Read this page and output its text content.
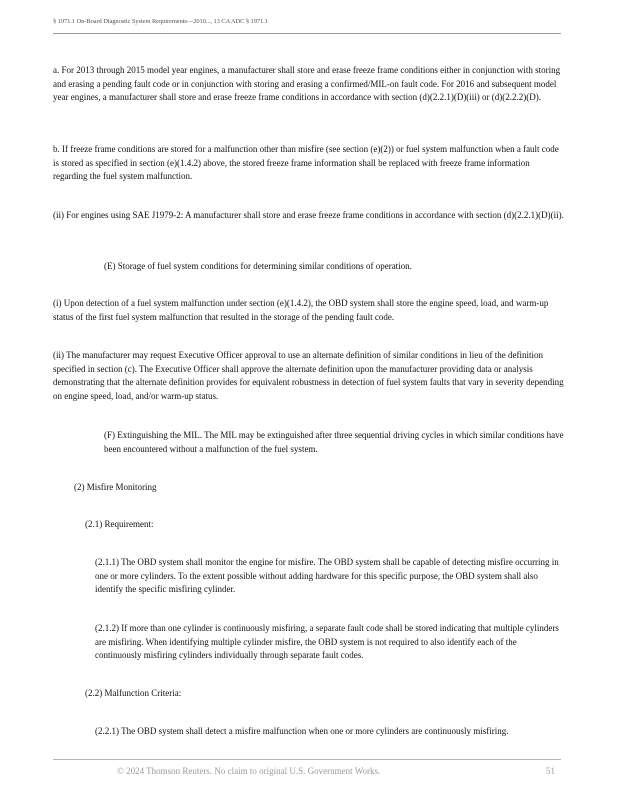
§ 1971.1 On-Board Diagnostic System Requirements—2010..., 13 CA ADC § 1971.1

a. For 2013 through 2015 model year engines, a manufacturer shall store and erase freeze frame conditions either in conjunction with storing and erasing a pending fault code or in conjunction with storing and erasing a confirmed/MIL-on fault code. For 2016 and subsequent model year engines, a manufacturer shall store and erase freeze frame conditions in accordance with section (d)(2.2.1)(D)(iii) or (d)(2.2.2)(D).

b. If freeze frame conditions are stored for a malfunction other than misfire (see section (e)(2)) or fuel system malfunction when a fault code is stored as specified in section (e)(1.4.2) above, the stored freeze frame information shall be replaced with freeze frame information regarding the fuel system malfunction.

(ii) For engines using SAE J1979-2: A manufacturer shall store and erase freeze frame conditions in accordance with section (d)(2.2.1)(D)(ii).

(E) Storage of fuel system conditions for determining similar conditions of operation.

(i) Upon detection of a fuel system malfunction under section (e)(1.4.2), the OBD system shall store the engine speed, load, and warm-up status of the first fuel system malfunction that resulted in the storage of the pending fault code.

(ii) The manufacturer may request Executive Officer approval to use an alternate definition of similar conditions in lieu of the definition specified in section (c). The Executive Officer shall approve the alternate definition upon the manufacturer providing data or analysis demonstrating that the alternate definition provides for equivalent robustness in detection of fuel system faults that vary in severity depending on engine speed, load, and/or warm-up status.

(F) Extinguishing the MIL. The MIL may be extinguished after three sequential driving cycles in which similar conditions have been encountered without a malfunction of the fuel system.

(2) Misfire Monitoring

(2.1) Requirement:

(2.1.1) The OBD system shall monitor the engine for misfire. The OBD system shall be capable of detecting misfire occurring in one or more cylinders. To the extent possible without adding hardware for this specific purpose, the OBD system shall also identify the specific misfiring cylinder.

(2.1.2) If more than one cylinder is continuously misfiring, a separate fault code shall be stored indicating that multiple cylinders are misfiring. When identifying multiple cylinder misfire, the OBD system is not required to also identify each of the continuously misfiring cylinders individually through separate fault codes.

(2.2) Malfunction Criteria:

(2.2.1) The OBD system shall detect a misfire malfunction when one or more cylinders are continuously misfiring.

© 2024 Thomson Reuters. No claim to original U.S. Government Works.	51
